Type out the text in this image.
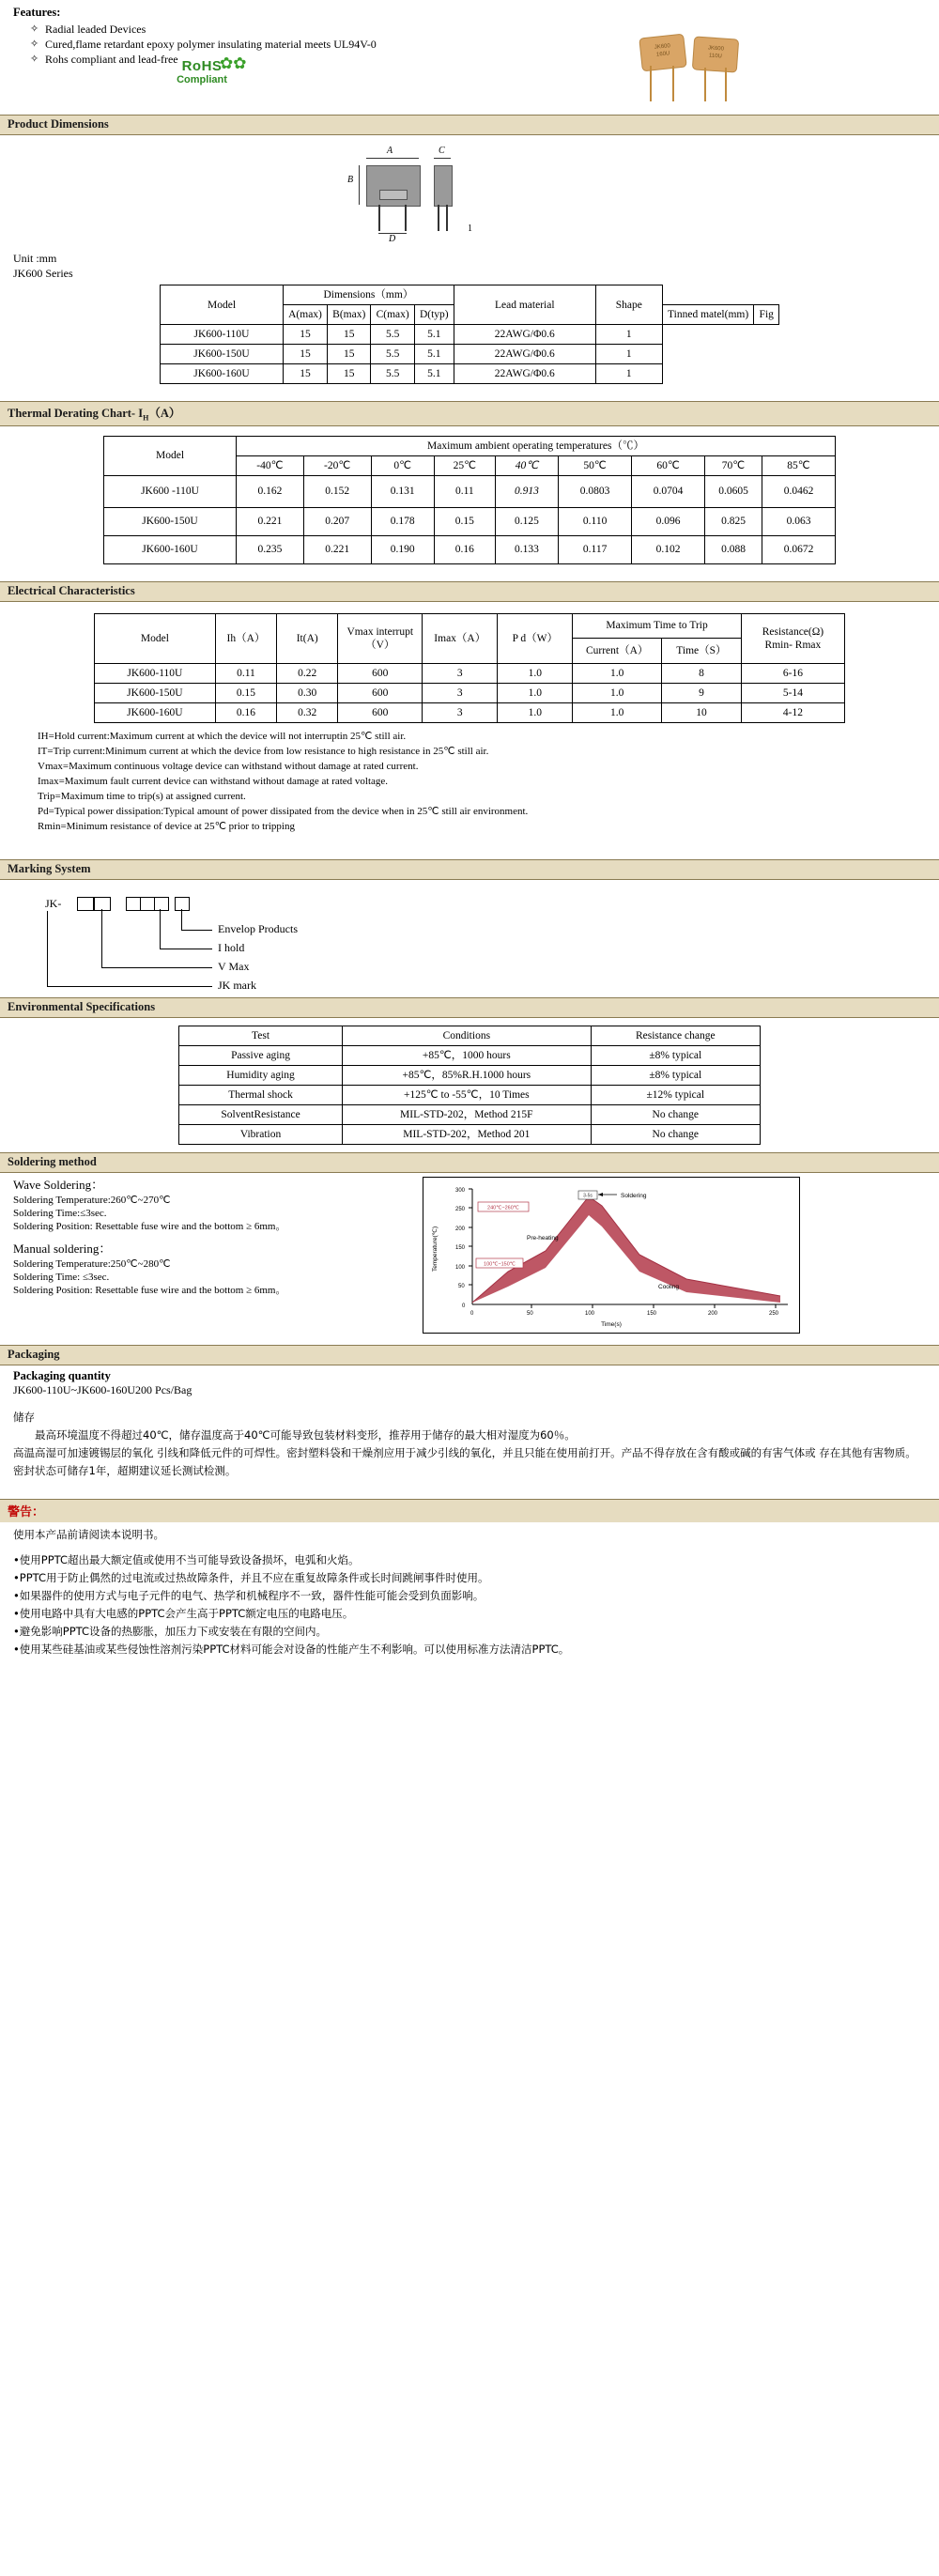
Features:
✧ Radial leaded Devices
✧ Cured,flame retardant epoxy polymer insulating material meets UL94V-0
✧ Rohs compliant and lead-free	✿✿
RoHS
Compliant
JK600
160U
JK600
110U
Product Dimensions
A
B
C
D
1
Unit :mm
JK600 Series
Model	Dimensions（mm）				Lead material	Shape		
	A(max)	B(max)	C(max)	D(typ)			Tinned matel(mm)	Fig
JK600-110U	15	15	5.5	5.1	22AWG/Φ0.6	1		
JK600-150U	15	15	5.5	5.1	22AWG/Φ0.6	1		
JK600-160U	15	15	5.5	5.1	22AWG/Φ0.6	1		
Thermal Derating Chart- $I_H(A)$
Model	Maximum ambient operating temperatures（℃）								
	-40℃	-20℃	0℃	25℃	40℃	50℃	60℃	70℃	85℃
JK600 -110U	0.162	0.152	0.131	0.11	0.913	0.0803	0.0704	0.0605	0.0462
JK600-150U	0.221	0.207	0.178	0.15	0.125	0.110	0.096	0.825	0.063
JK600-160U	0.235	0.221	0.190	0.16	0.133	0.117	0.102	0.088	0.0672
Electrical Characteristics
Model	Ih（A）	It(A)	Vmax interrupt（V）	Imax（A）	P d（W）	Maximum Time to Trip		Resistance(Ω)
Rmin- Rmax
						Current（A）	Time（S）	
JK600-110U	0.11	0.22	600	3	1.0	1.0	8	6-16
JK600-150U	0.15	0.30	600	3	1.0	1.0	9	5-14
JK600-160U	0.16	0.32	600	3	1.0	1.0	10	4-12
IH=Hold current:Maximum current at which the device will not interruptin 25℃ still air.
IT=Trip current:Minimum current at which the device from low resistance to high resistance in 25℃ still air.
Vmax=Maximum continuous voltage device can withstand without damage at rated current.
Imax=Maximum fault current device can withstand without damage at rated voltage.
Trip=Maximum time to trip(s) at assigned current.
Pd=Typical power dissipation:Typical amount of power dissipated from the device when in 25℃ still air environment.
Rmin=Minimum resistance of device at 25℃ prior to tripping
Marking System
JK-
Envelop Products
I hold
V Max
JK mark
Environmental Specifications
Test	Conditions	Resistance change
Passive aging	+85℃，1000 hours	±8% typical
Humidity aging	+85℃，85%R.H.1000 hours	±8% typical
Thermal shock	+125℃ to -55℃，10 Times	±12% typical
SolventResistance	MIL-STD-202，Method 215F	No change
Vibration	MIL-STD-202，Method 201	No change
Soldering method
Wave Soldering：
Soldering Temperature:260℃~270℃
Soldering Time:≤3sec.
Soldering Position: Resettable fuse wire and the bottom ≥ 6mm。
Manual soldering：
Soldering Temperature:250℃~280℃
Soldering Time: ≤3sec.
Soldering Position: Resettable fuse wire and the bottom ≥ 6mm。
300
250
200
150
100
50
0
0	50	100	150	200	250
Time(s)
Temperature(℃)
240℃~260℃
3-5s	Soldering
Pre-heating
100℃~150℃
Cooling
Packaging
Packaging quantity
JK600-110U~JK600-160U200 Pcs/Bag
储存
最高环境温度不得超过40℃，储存温度高于40℃可能导致包装材料变形，推荐用于储存的最大相对湿度为60％。
高温高湿可加速镀锡层的氧化 引线和降低元件的可焊性。密封塑料袋和干燥剂应用于减少引线的氧化，并且只能在使用前打开。产品不得存放在含有酸或碱的有害气体或 存在其他有害物质。密封状态可储存1年，超期建议延长测试检测。
警告：
使用本产品前请阅读本说明书。
•使用PPTC超出最大额定值或使用不当可能导致设备损坏，电弧和火焰。
•PPTC用于防止偶然的过电流或过热故障条件，并且不应在重复故障条件或长时间跳闸事件时使用。
•如果器件的使用方式与电子元件的电气、热学和机械程序不一致，器件性能可能会受到负面影响。
•使用电路中具有大电感的PPTC会产生高于PPTC额定电压的电路电压。
•避免影响PPTC设备的热膨胀，加压力下或安装在有限的空间内。
•使用某些硅基油或某些侵蚀性溶剂污染PPTC材料可能会对设备的性能产生不利影响。可以使用标准方法清洁PPTC。
